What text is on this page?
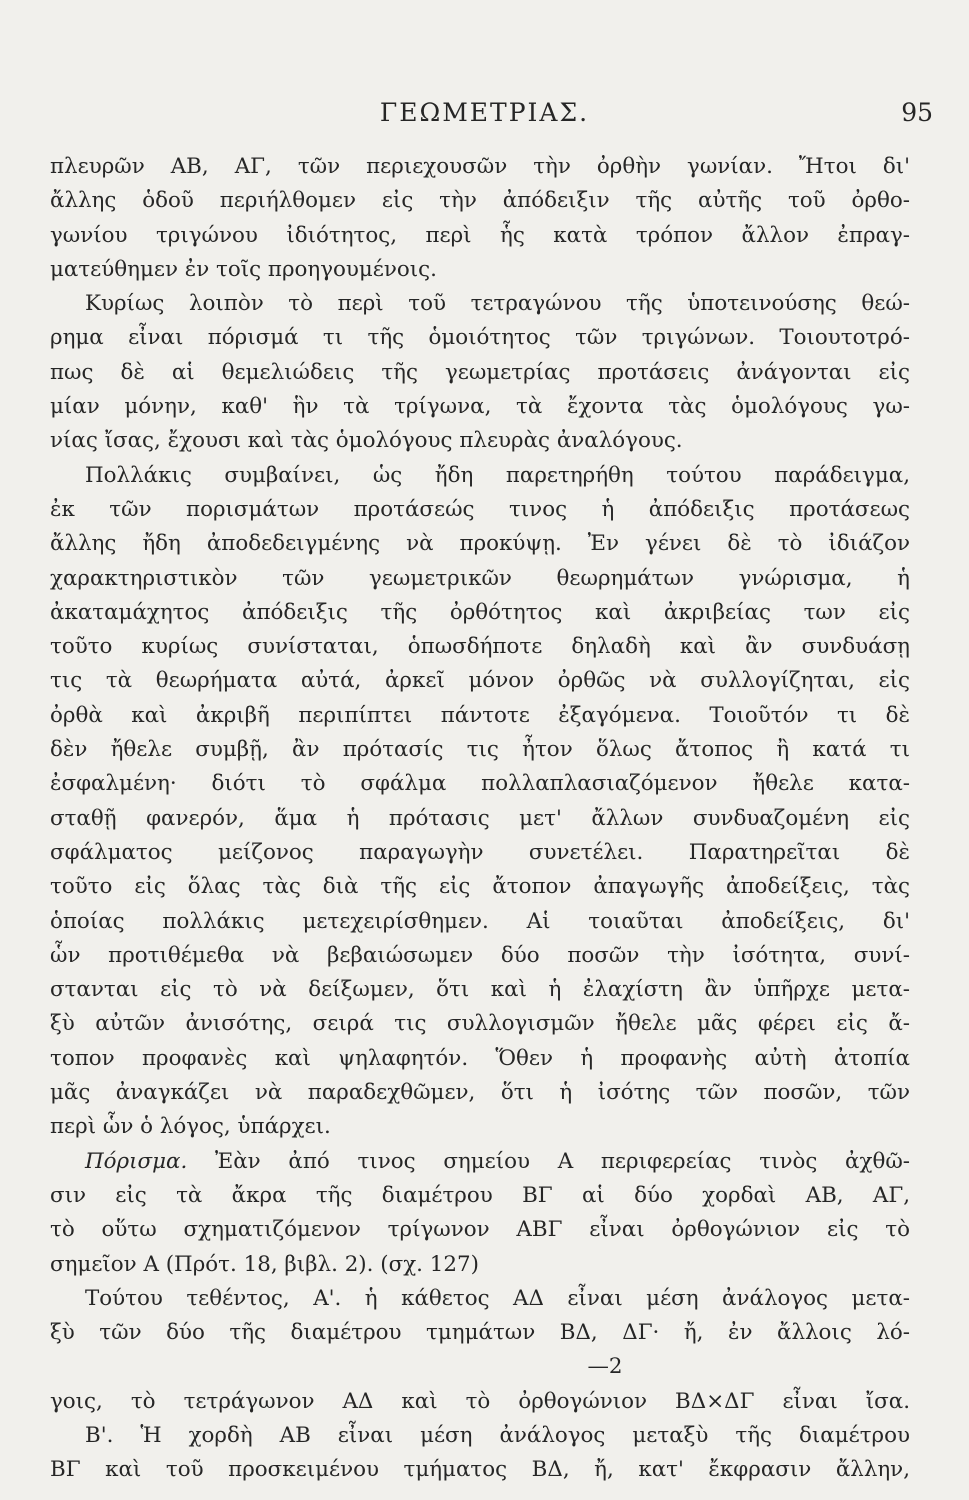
ΓΕΩΜΕΤΡΙΑΣ.	95
πλευρῶν ΑΒ, ΑΓ, τῶν περιεχουσῶν τὴν ὀρθὴν γωνίαν. Ἤτοι δι'
ἄλλης ὁδοῦ περιήλθομεν εἰς τὴν ἀπόδειξιν τῆς αὐτῆς τοῦ ὀρθο-
γωνίου τριγώνου ἰδιότητος, περὶ ἧς κατὰ τρόπον ἄλλον ἐπραγ-
ματεύθημεν ἐν τοῖς προηγουμένοις.
Κυρίως λοιπὸν τὸ περὶ τοῦ τετραγώνου τῆς ὑποτεινούσης θεώ-
ρημα εἶναι πόρισμά τι τῆς ὁμοιότητος τῶν τριγώνων. Τοιουτοτρό-
πως δὲ αἱ θεμελιώδεις τῆς γεωμετρίας προτάσεις ἀνάγονται εἰς
μίαν μόνην, καθ' ἣν τὰ τρίγωνα, τὰ ἔχοντα τὰς ὁμολόγους γω-
νίας ἴσας, ἔχουσι καὶ τὰς ὁμολόγους πλευρὰς ἀναλόγους.
Πολλάκις συμβαίνει, ὡς ἤδη παρετηρήθη τούτου παράδειγμα,
ἐκ τῶν πορισμάτων προτάσεώς τινος ἡ ἀπόδειξις προτάσεως
ἄλλης ἤδη ἀποδεδειγμένης νὰ προκύψῃ. Ἐν γένει δὲ τὸ ἰδιάζον
χαρακτηριστικὸν τῶν γεωμετρικῶν θεωρημάτων γνώρισμα, ἡ
ἀκαταμάχητος ἀπόδειξις τῆς ὀρθότητος καὶ ἀκριβείας των εἰς
τοῦτο κυρίως συνίσταται, ὁπωσδήποτε δηλαδὴ καὶ ἂν συνδυάσῃ
τις τὰ θεωρήματα αὐτά, ἀρκεῖ μόνον ὀρθῶς νὰ συλλογίζηται, εἰς
ὀρθὰ καὶ ἀκριβῆ περιπίπτει πάντοτε ἐξαγόμενα. Τοιοῦτόν τι δὲ
δὲν ἤθελε συμβῇ, ἂν πρότασίς τις ἦτον ὅλως ἄτοπος ἢ κατά τι
ἐσφαλμένη· διότι τὸ σφάλμα πολλαπλασιαζόμενον ἤθελε κατα-
σταθῇ φανερόν, ἅμα ἡ πρότασις μετ' ἄλλων συνδυαζομένη εἰς
σφάλματος μείζονος παραγωγὴν συνετέλει. Παρατηρεῖται δὲ
τοῦτο εἰς ὅλας τὰς διὰ τῆς εἰς ἄτοπον ἀπαγωγῆς ἀποδείξεις, τὰς
ὁποίας πολλάκις μετεχειρίσθημεν. Αἱ τοιαῦται ἀποδείξεις, δι'
ὧν προτιθέμεθα νὰ βεβαιώσωμεν δύο ποσῶν τὴν ἰσότητα, συνί-
στανται εἰς τὸ νὰ δείξωμεν, ὅτι καὶ ἡ ἐλαχίστη ἂν ὑπῆρχε μετα-
ξὺ αὐτῶν ἀνισότης, σειρά τις συλλογισμῶν ἤθελε μᾶς φέρει εἰς ἄ-
τοπον προφανὲς καὶ ψηλαφητόν. Ὅθεν ἡ προφανὴς αὐτὴ ἀτοπία
μᾶς ἀναγκάζει νὰ παραδεχθῶμεν, ὅτι ἡ ἰσότης τῶν ποσῶν, τῶν
περὶ ὧν ὁ λόγος, ὑπάρχει.
Πόρισμα. Ἐὰν ἀπό τινος σημείου Α περιφερείας τινὸς ἀχθῶ-
σιν εἰς τὰ ἄκρα τῆς διαμέτρου ΒΓ αἱ δύο χορδαὶ ΑΒ, ΑΓ,
τὸ οὕτω σχηματιζόμενον τρίγωνον ΑΒΓ εἶναι ὀρθογώνιον εἰς τὸ
σημεῖον Α (Πρότ. 18, βιβλ. 2). (σχ. 127)
Τούτου τεθέντος, Α'. ἡ κάθετος ΑΔ εἶναι μέση ἀνάλογος μετα-
ξὺ τῶν δύο τῆς διαμέτρου τμημάτων ΒΔ, ΔΓ· ἤ, ἐν ἄλλοις λό-
—2
γοις, τὸ τετράγωνον ΑΔ καὶ τὸ ὀρθογώνιον ΒΔ×ΔΓ εἶναι ἴσα.
Β'. Ἡ χορδὴ ΑΒ εἶναι μέση ἀνάλογος μεταξὺ τῆς διαμέτρου
ΒΓ καὶ τοῦ προσκειμένου τμήματος ΒΔ, ἤ, κατ' ἔκφρασιν ἄλλην,
